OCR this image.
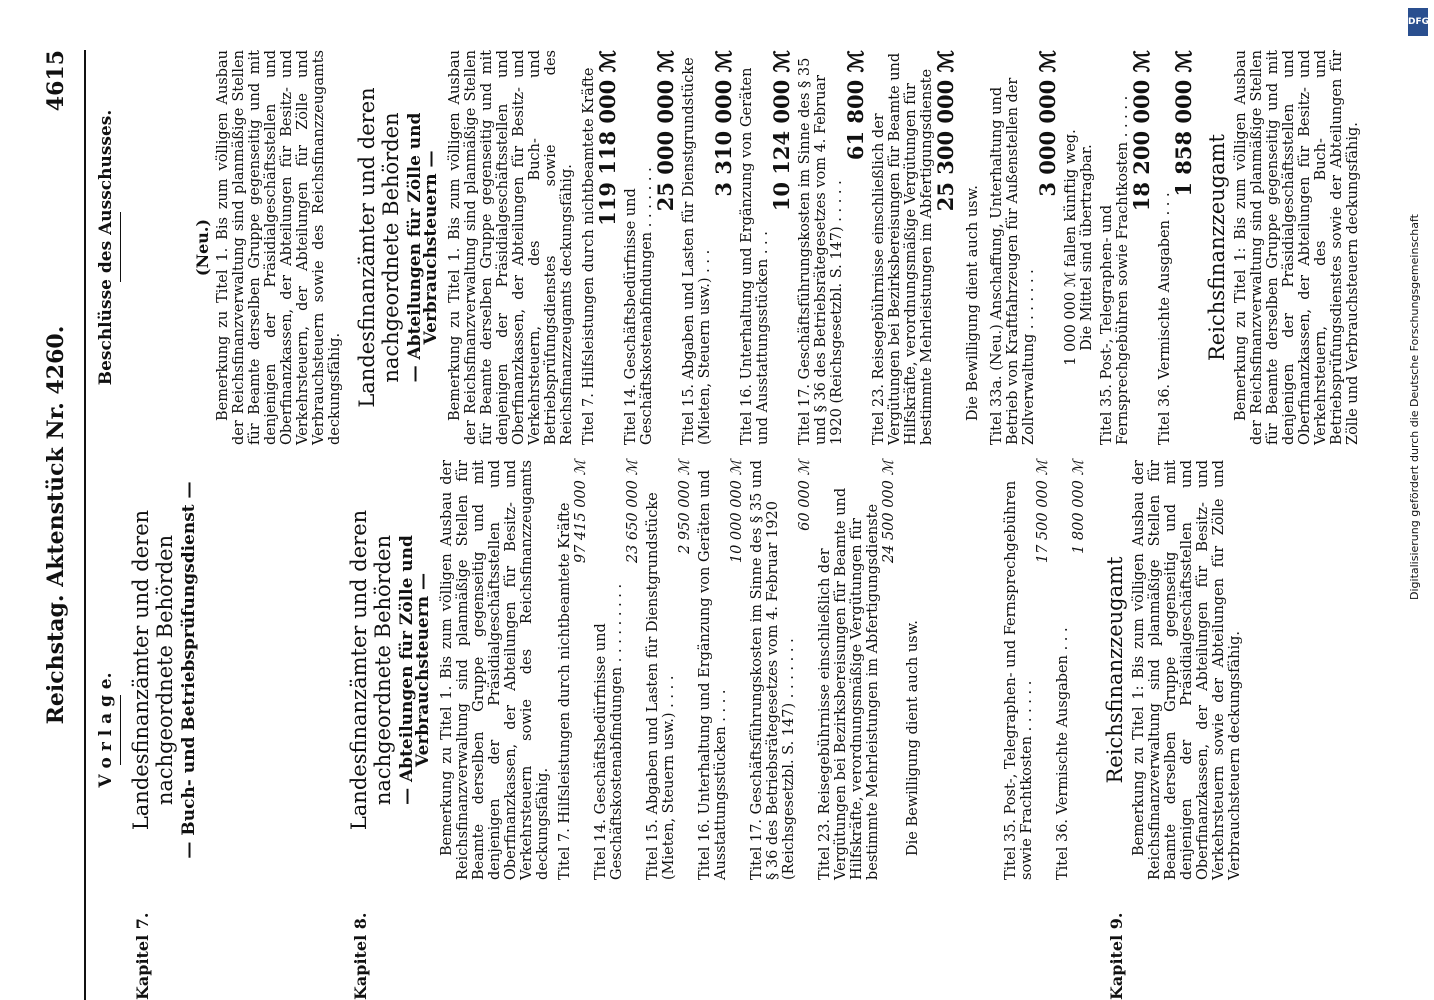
Reichstag. Aktenstück Nr. 4260.
4615
V o r l a g e.
Kapitel 7.
Landesfinanzämter und deren nachgeordnete Behörden — Buch- und Betriebsprüfungsdienst —
Kapitel 8.
Landesfinanzämter und deren nachgeordnete Behörden — Abteilungen für Zölle und Verbrauchsteuern — Bemerkung zu Titel 1. Bis zum völligen Ausbau der Reichsfinanzverwaltung sind planmäßige Stellen für Beamte derselben Gruppe gegenseitig und mit denjenigen der Präsidialgeschäftsstellen und Oberfinanzkassen, der Abteilungen für Besitz- und Verkehrsteuern sowie des Reichsfinanzzeugamts deckungsfähig. Titel 7. Hilfsleistungen durch nichtbeamtete Kräfte 97 415 000 ℳ
Titel 14. Geschäftsbedürfnisse und Geschäftskostenabfindungen . . . . . . . . .
23 650 000 ℳ Titel 15. Abgaben und Lasten für Dienstgrundstücke (Mieten, Steuern usw.) . . . .
2 950 000 ℳ Titel 16. Unterhaltung und Ergänzung von Geräten und Ausstattungsstücken . . . .
10 000 000 ℳ Titel 17. Geschäftsführungskosten im Sinne des § 35 und § 36 des Betriebsrätegesetzes vom 4. Februar 1920 (Reichsgesetzbl. S. 147) . . . . . . .
60 000 ℳ
Titel 23. Reisegebührnisse einschließlich der Vergütungen bei Bezirksbereisungen für Beamte und Hilfskräfte, verordnungsmäßige Vergütungen für bestimmte Mehrleistungen im Abfertigungsdienste 24 500 000 ℳ

Die Bewilligung dient auch usw.	Titel 35. Post-, Telegraphen- und Fernsprechgebühren sowie Frachtkosten . . . . . .
17 500 000 ℳ
Titel 36. Vermischte Ausgaben . . .
1 800 000 ℳ
Kapitel 9.
Reichsfinanzzeugamt Bemerkung zu Titel 1: Bis zum völligen Ausbau der Reichsfinanzverwaltung sind planmäßige Stellen für Beamte derselben Gruppe gegenseitig und mit denjenigen der Präsidialgeschäftsstellen und Oberfinanzkassen, der Abteilungen für Besitz- und Verkehrsteuern sowie der Abteilungen für Zölle und Verbrauchsteuern deckungsfähig.

Beschlüsse des Ausschusses.	(Neu.) Bemerkung zu Titel 1. Bis zum völligen Ausbau der Reichsfinanzverwaltung sind planmäßige Stellen für Beamte derselben Gruppe gegenseitig und mit denjenigen der Präsidialgeschäftsstellen und Oberfinanzkassen, der Abteilungen für Besitz- und Verkehrsteuern, der Abteilungen für Zölle und Verbrauchsteuern sowie des Reichsfinanzzeugamts deckungsfähig. Landesfinanzämter und deren nachgeordnete Behörden — Abteilungen für Zölle und Verbrauchsteuern — Bemerkung zu Titel 1. Bis zum völligen Ausbau der Reichsfinanzverwaltung sind planmäßige Stellen für Beamte derselben Gruppe gegenseitig und mit denjenigen der Präsidialgeschäftsstellen und Oberfinanzkassen, der Abteilungen für Besitz- und Verkehrsteuern, des Buch- und Betriebsprüfungsdienstes sowie des Reichsfinanzzeugamts deckungsfähig. Titel 7. Hilfsleistungen durch nichtbeamtete Kräfte
119 118 000 ℳ
Titel 14. Geschäftsbedürfnisse und Geschäftskostenabfindungen . . . . . . .
25 000 000 ℳ Titel 15. Abgaben und Lasten für Dienstgrundstücke (Mieten, Steuern usw.) . . .
3 310 000 ℳ Titel 16. Unterhaltung und Ergänzung von Geräten und Ausstattungsstücken . . .
10 124 000 ℳ Titel 17. Geschäftsführungskosten im Sinne des § 35 und § 36 des Betriebsrätegesetzes vom 4. Februar 1920 (Reichsgesetzbl. S. 147) . . . . .
61 800 ℳ
Titel 23. Reisegebührnisse einschließlich der Vergütungen bei Bezirksbereisungen für Beamte und Hilfskräfte, verordnungsmäßige Vergütungen für bestimmte Mehrleistungen im Abfertigungsdienste
25 300 000 ℳ

Die Bewilligung dient auch usw. Titel 33a. (Neu.) Anschaffung, Unterhaltung und Betrieb von Kraftfahrzeugen für Außenstellen der Zollverwaltung . . . . . . .
3 000 000 ℳ
1 000 000 ℳ fallen künftig weg. Die Mittel sind übertragbar. Titel 35. Post-, Telegraphen- und Fernsprechgebühren sowie Frachtkosten . . . . .
18 200 000 ℳ
Titel 36. Vermischte Ausgaben . . .
1 858 000 ℳ
Reichsfinanzzeugamt Bemerkung zu Titel 1: Bis zum völligen Ausbau der Reichsfinanzverwaltung sind planmäßige Stellen für Beamte derselben Gruppe gegenseitig und mit denjenigen der Präsidialgeschäftsstellen und Oberfinanzkassen, der Abteilungen für Besitz- und Verkehrsteuern, des Buch- und Betriebsprüfungsdienstes sowie der Abteilungen für Zölle und Verbrauchsteuern deckungsfähig.

DFG
Digitalisierung gefördert durch die Deutsche Forschungsgemeinschaft
